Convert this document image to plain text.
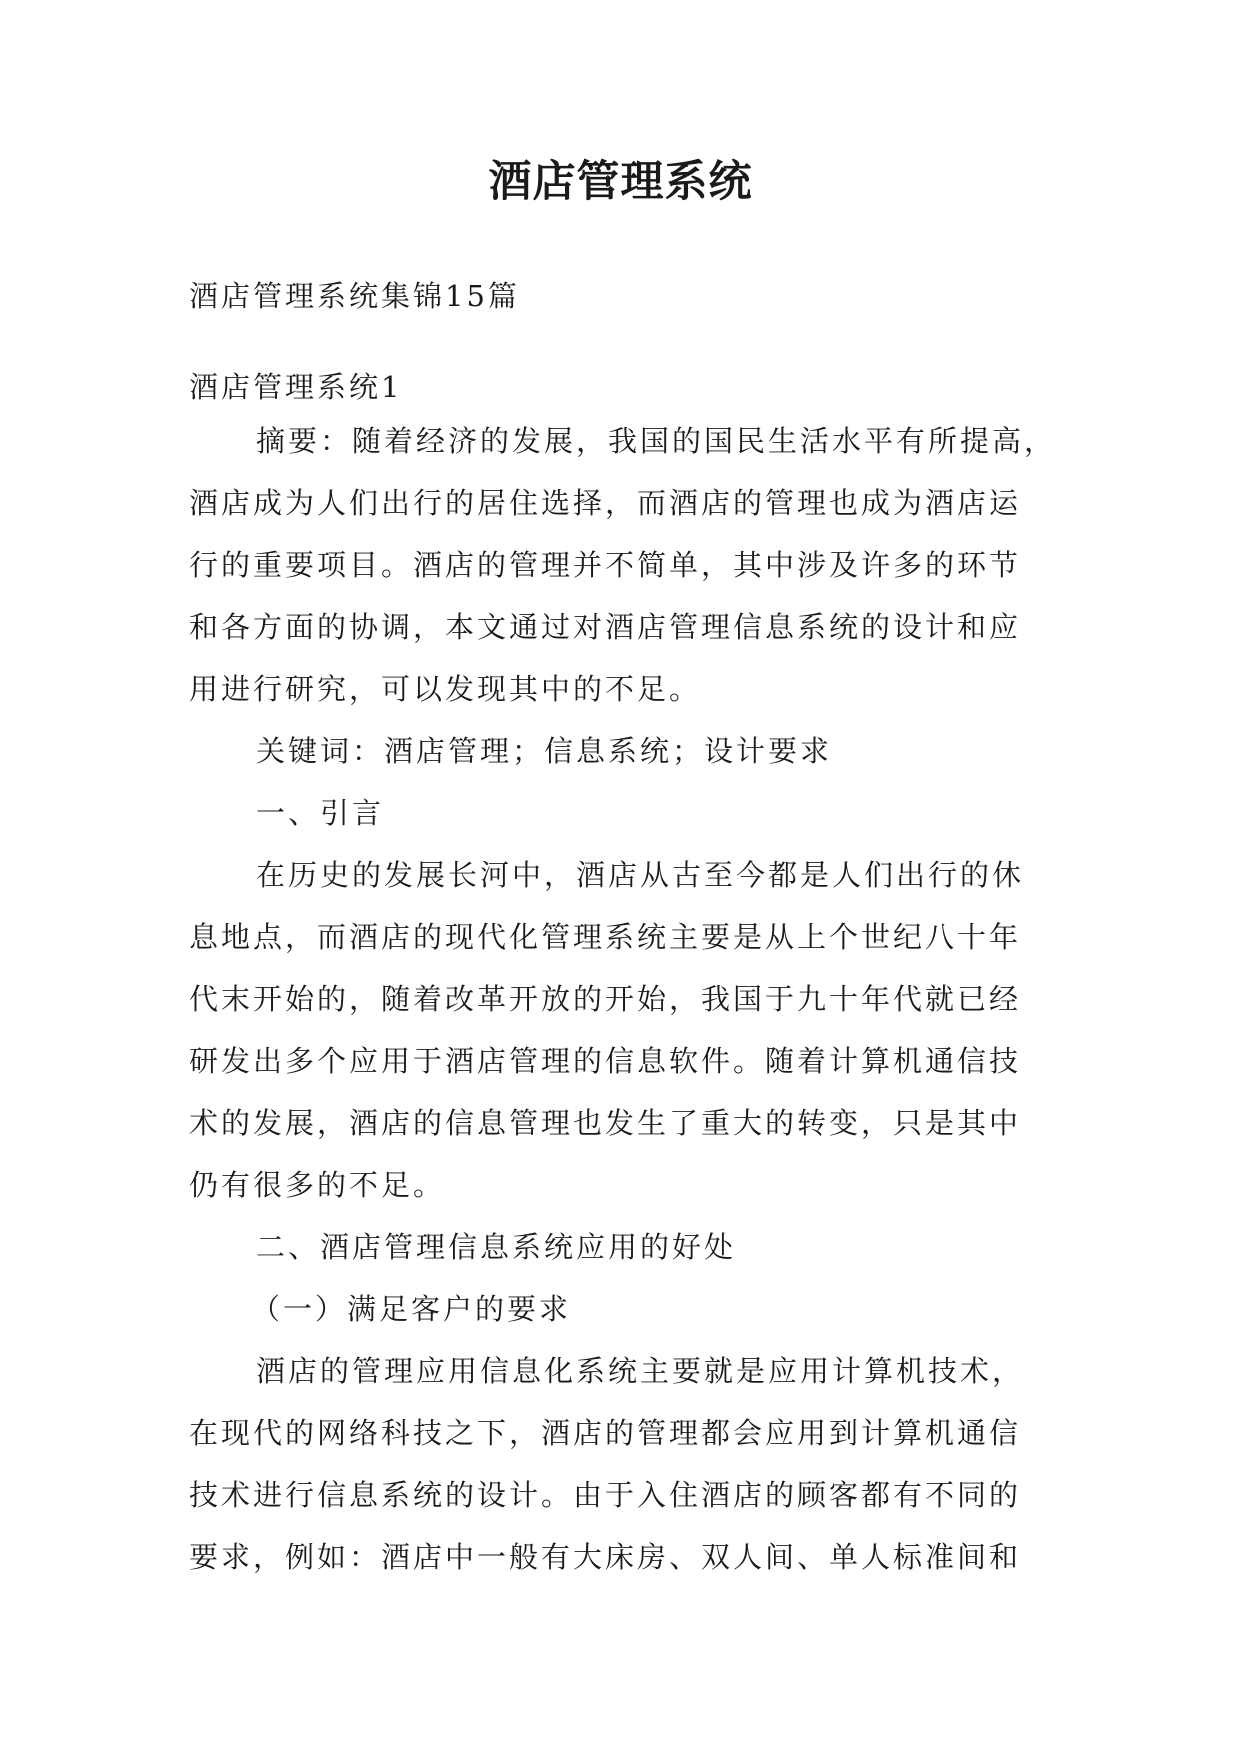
酒店管理系统
酒店管理系统集锦15篇
酒店管理系统1
摘要：随着经济的发展，我国的国民生活水平有所提高，
酒店成为人们出行的居住选择，而酒店的管理也成为酒店运
行的重要项目。酒店的管理并不简单，其中涉及许多的环节
和各方面的协调，本文通过对酒店管理信息系统的设计和应
用进行研究，可以发现其中的不足。
关键词：酒店管理；信息系统；设计要求
一、引言
在历史的发展长河中，酒店从古至今都是人们出行的休
息地点，而酒店的现代化管理系统主要是从上个世纪八十年
代末开始的，随着改革开放的开始，我国于九十年代就已经
研发出多个应用于酒店管理的信息软件。随着计算机通信技
术的发展，酒店的信息管理也发生了重大的转变，只是其中
仍有很多的不足。
二、酒店管理信息系统应用的好处
（一）满足客户的要求
酒店的管理应用信息化系统主要就是应用计算机技术，
在现代的网络科技之下，酒店的管理都会应用到计算机通信
技术进行信息系统的设计。由于入住酒店的顾客都有不同的
要求，例如：酒店中一般有大床房、双人间、单人标准间和
